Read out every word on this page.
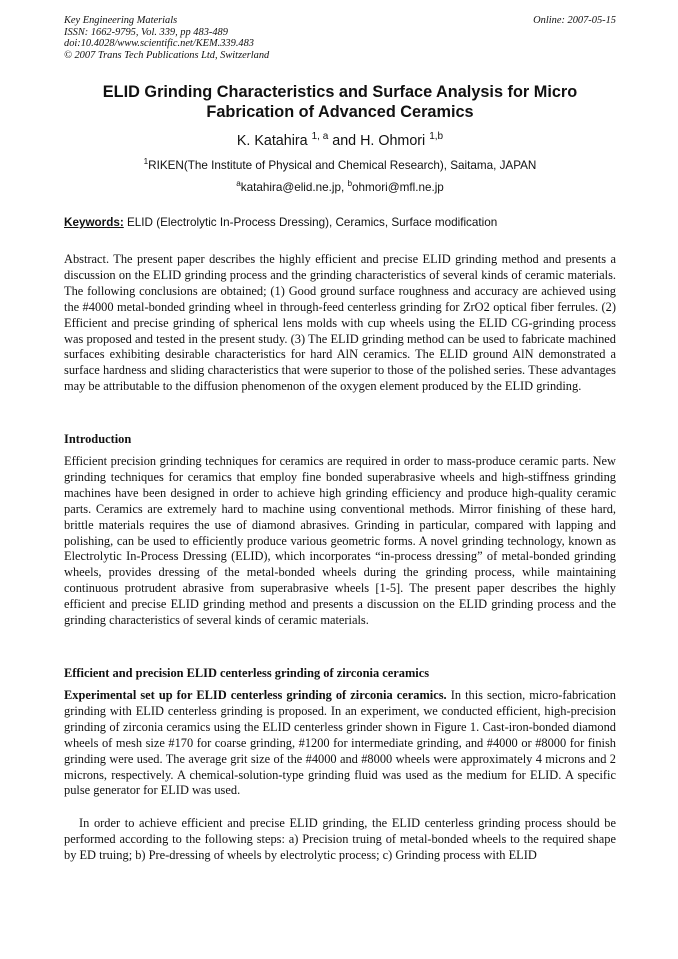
Key Engineering Materials
ISSN: 1662-9795, Vol. 339, pp 483-489
doi:10.4028/www.scientific.net/KEM.339.483
© 2007 Trans Tech Publications Ltd, Switzerland
Online: 2007-05-15
ELID Grinding Characteristics and Surface Analysis for Micro
Fabrication of Advanced Ceramics
K. Katahira $^{1, a}$ and H. Ohmori $^{1,b}$
$^1$RIKEN(The Institute of Physical and Chemical Research), Saitama, JAPAN
$^a$katahira@elid.ne.jp, $^b$ohmori@mfl.ne.jp
Keywords: ELID (Electrolytic In-Process Dressing), Ceramics, Surface modification
Abstract. The present paper describes the highly efficient and precise ELID grinding method and presents a discussion on the ELID grinding process and the grinding characteristics of several kinds of ceramic materials. The following conclusions are obtained; (1) Good ground surface roughness and accuracy are achieved using the #4000 metal-bonded grinding wheel in through-feed centerless grinding for ZrO2 optical fiber ferrules. (2) Efficient and precise grinding of spherical lens molds with cup wheels using the ELID CG-grinding process was proposed and tested in the present study. (3) The ELID grinding method can be used to fabricate machined surfaces exhibiting desirable characteristics for hard AlN ceramics. The ELID ground AlN demonstrated a surface hardness and sliding characteristics that were superior to those of the polished series. These advantages may be attributable to the diffusion phenomenon of the oxygen element produced by the ELID grinding.
Introduction
Efficient precision grinding techniques for ceramics are required in order to mass-produce ceramic parts. New grinding techniques for ceramics that employ fine bonded superabrasive wheels and high-stiffness grinding machines have been designed in order to achieve high grinding efficiency and produce high-quality ceramic parts. Ceramics are extremely hard to machine using conventional methods. Mirror finishing of these hard, brittle materials requires the use of diamond abrasives. Grinding in particular, compared with lapping and polishing, can be used to efficiently produce various geometric forms. A novel grinding technology, known as Electrolytic In-Process Dressing (ELID), which incorporates “in-process dressing” of metal-bonded grinding wheels, provides dressing of the metal-bonded wheels during the grinding process, while maintaining continuous protrudent abrasive from superabrasive wheels [1-5]. The present paper describes the highly efficient and precise ELID grinding method and presents a discussion on the ELID grinding process and the grinding characteristics of several kinds of ceramic materials.
Efficient and precision ELID centerless grinding of zirconia ceramics
Experimental set up for ELID centerless grinding of zirconia ceramics. In this section, micro-fabrication grinding with ELID centerless grinding is proposed. In an experiment, we conducted efficient, high-precision grinding of zirconia ceramics using the ELID centerless grinder shown in Figure 1. Cast-iron-bonded diamond wheels of mesh size #170 for coarse grinding, #1200 for intermediate grinding, and #4000 or #8000 for finish grinding were used. The average grit size of the #4000 and #8000 wheels were approximately 4 microns and 2 microns, respectively. A chemical-solution-type grinding fluid was used as the medium for ELID. A specific pulse generator for ELID was used.
In order to achieve efficient and precise ELID grinding, the ELID centerless grinding process should be performed according to the following steps: a) Precision truing of metal-bonded wheels to the required shape by ED truing; b) Pre-dressing of wheels by electrolytic process; c) Grinding process with ELID
